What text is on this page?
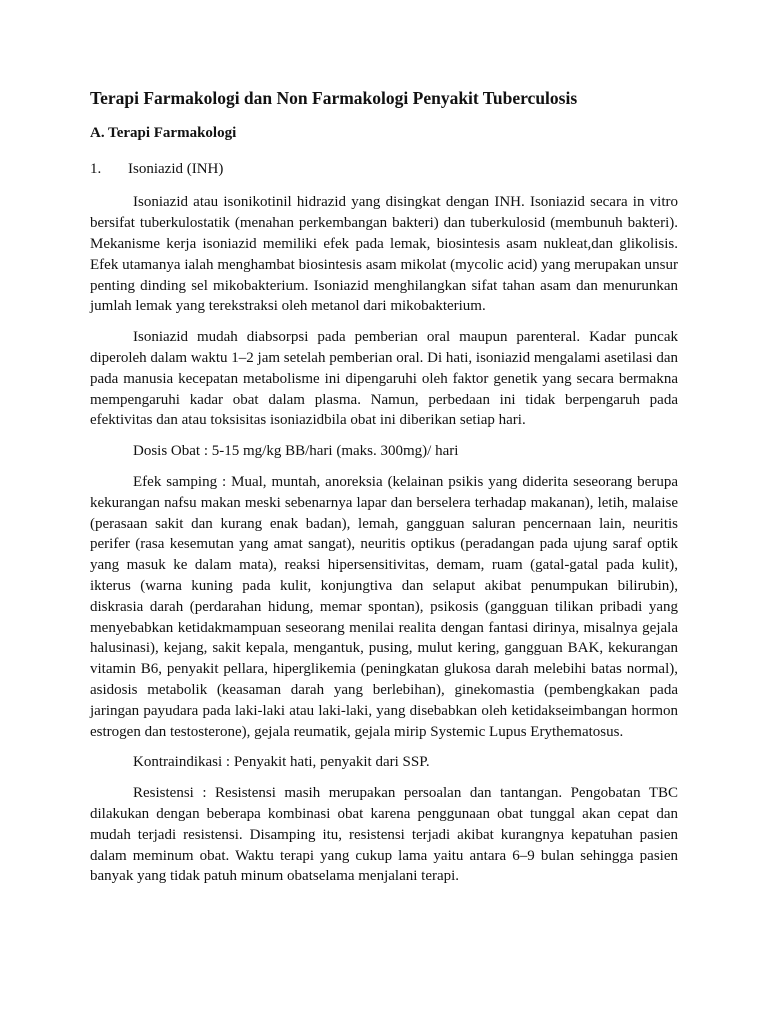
Terapi Farmakologi dan Non Farmakologi Penyakit Tuberculosis
A. Terapi Farmakologi
1.	Isoniazid (INH)

Isoniazid atau isonikotinil hidrazid yang disingkat dengan INH. Isoniazid secara in vitro bersifat tuberkulostatik (menahan perkembangan bakteri) dan tuberkulosid (membunuh bakteri). Mekanisme kerja isoniazid memiliki efek pada lemak, biosintesis asam nukleat,dan glikolisis. Efek utamanya ialah menghambat biosintesis asam mikolat (mycolic acid) yang merupakan unsur penting dinding sel mikobakterium. Isoniazid menghilangkan sifat tahan asam dan menurunkan jumlah lemak yang terekstraksi oleh metanol dari mikobakterium.

Isoniazid mudah diabsorpsi pada pemberian oral maupun parenteral. Kadar puncak diperoleh dalam waktu 1–2 jam setelah pemberian oral. Di hati, isoniazid mengalami asetilasi dan pada manusia kecepatan metabolisme ini dipengaruhi oleh faktor genetik yang secara bermakna mempengaruhi kadar obat dalam plasma. Namun, perbedaan ini tidak berpengaruh pada efektivitas dan atau toksisitas isoniazidbila obat ini diberikan setiap hari.

Dosis Obat : 5-15 mg/kg BB/hari (maks. 300mg)/ hari

Efek samping : Mual, muntah, anoreksia (kelainan psikis yang diderita seseorang berupa kekurangan nafsu makan meski sebenarnya lapar dan berselera terhadap makanan), letih, malaise (perasaan sakit dan kurang enak badan), lemah, gangguan saluran pencernaan lain, neuritis perifer (rasa kesemutan yang amat sangat), neuritis optikus (peradangan pada ujung saraf optik yang masuk ke dalam mata), reaksi hipersensitivitas, demam, ruam (gatal-gatal pada kulit), ikterus (warna kuning pada kulit, konjungtiva dan selaput akibat penumpukan bilirubin), diskrasia darah (perdarahan hidung, memar spontan), psikosis (gangguan tilikan pribadi yang menyebabkan ketidakmampuan seseorang menilai realita dengan fantasi dirinya, misalnya gejala halusinasi), kejang, sakit kepala, mengantuk, pusing, mulut kering, gangguan BAK, kekurangan vitamin B6, penyakit pellara, hiperglikemia (peningkatan glukosa darah melebihi batas normal), asidosis metabolik (keasaman darah yang berlebihan), ginekomastia (pembengkakan pada jaringan payudara pada laki-laki atau laki-laki, yang disebabkan oleh ketidakseimbangan hormon estrogen dan testosterone), gejala reumatik, gejala mirip Systemic Lupus Erythematosus.

Kontraindikasi : Penyakit hati, penyakit dari SSP.

Resistensi : Resistensi masih merupakan persoalan dan tantangan. Pengobatan TBC dilakukan dengan beberapa kombinasi obat karena penggunaan obat tunggal akan cepat dan mudah terjadi resistensi. Disamping itu, resistensi terjadi akibat kurangnya kepatuhan pasien dalam meminum obat. Waktu terapi yang cukup lama yaitu antara 6–9 bulan sehingga pasien banyak yang tidak patuh minum obatselama menjalani terapi.
